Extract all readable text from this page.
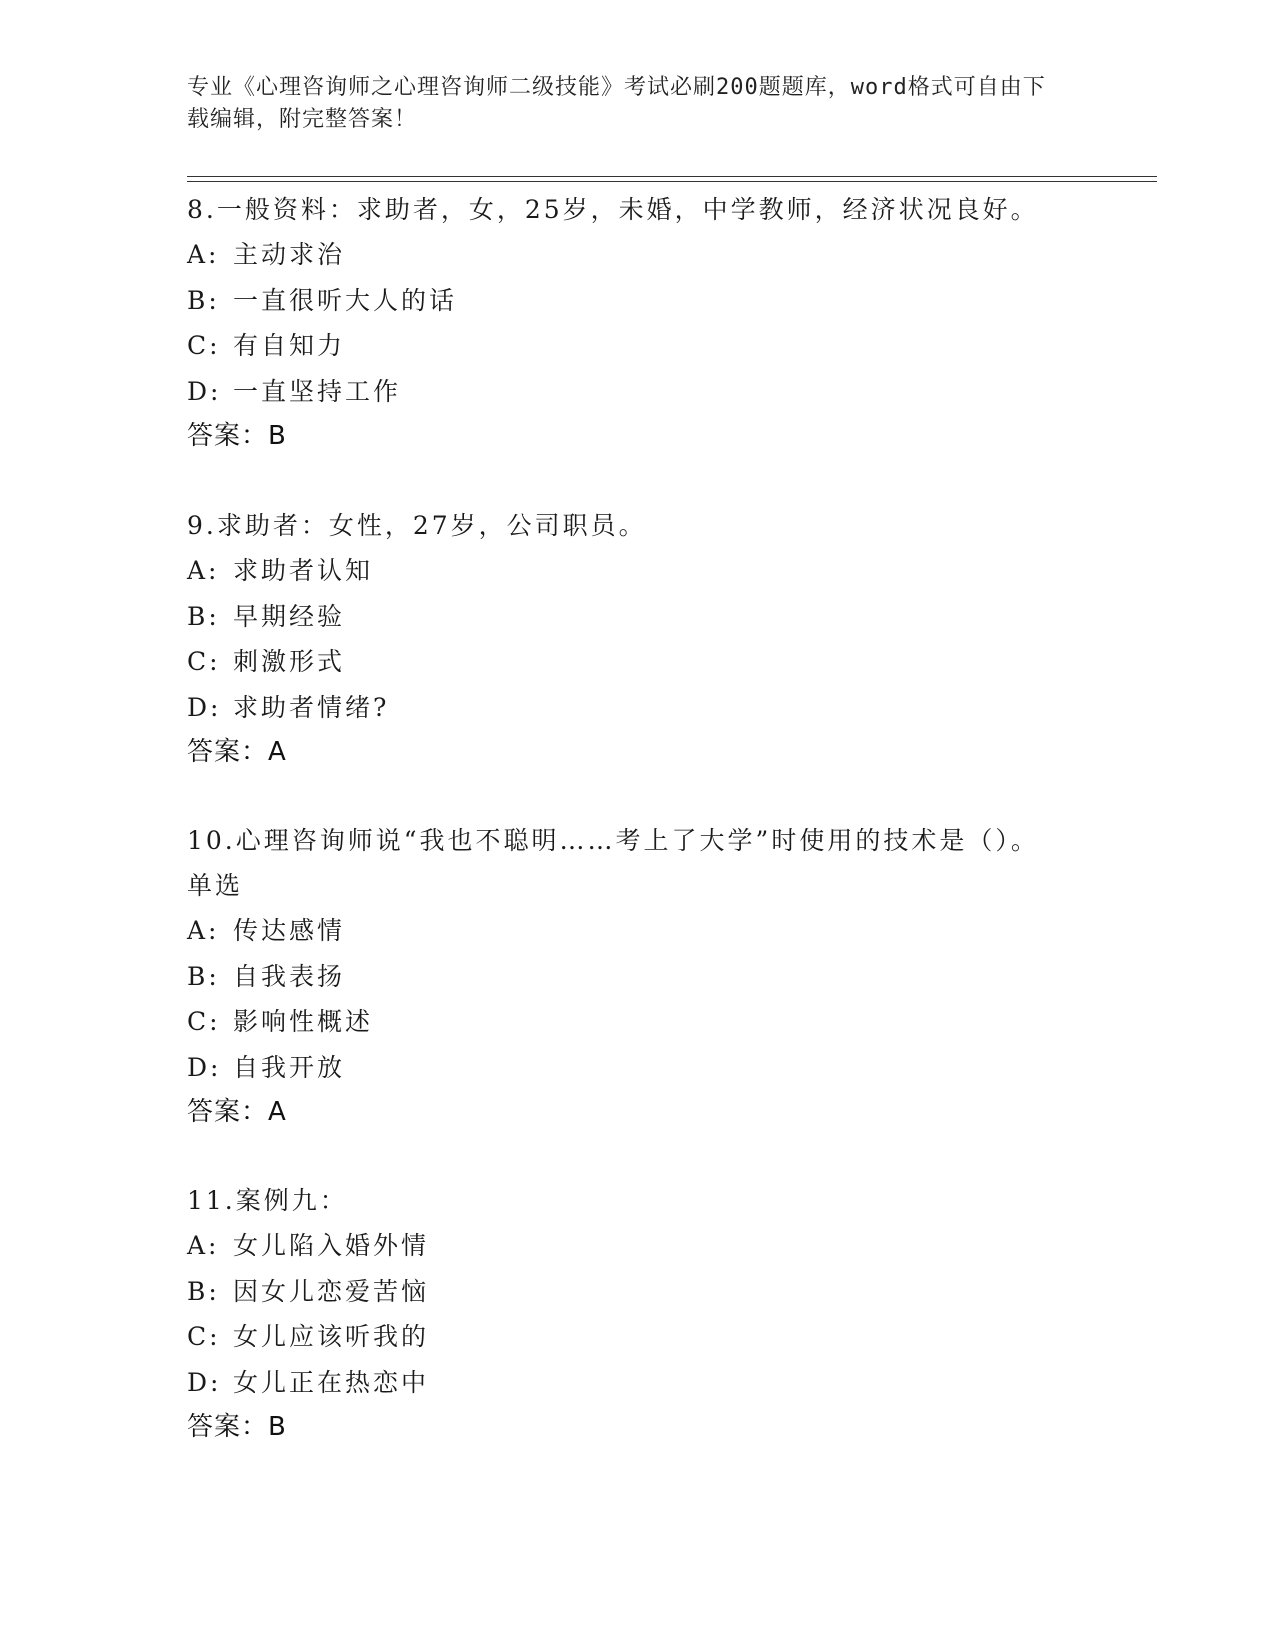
专业《心理咨询师之心理咨询师二级技能》考试必刷200题题库，word格式可自由下载编辑，附完整答案！
8.一般资料：求助者，女，25岁，未婚，中学教师，经济状况良好。
A: 主动求治
B: 一直很听大人的话
C: 有自知力
D: 一直坚持工作
答案：B
9.求助者：女性，27岁，公司职员。
A: 求助者认知
B: 早期经验
C: 刺激形式
D: 求助者情绪?
答案：A
10.心理咨询师说“我也不聪明……考上了大学”时使用的技术是（）。单选
A: 传达感情
B: 自我表扬
C: 影响性概述
D: 自我开放
答案：A
11.案例九：
A: 女儿陷入婚外情
B: 因女儿恋爱苦恼
C: 女儿应该听我的
D: 女儿正在热恋中
答案：B
